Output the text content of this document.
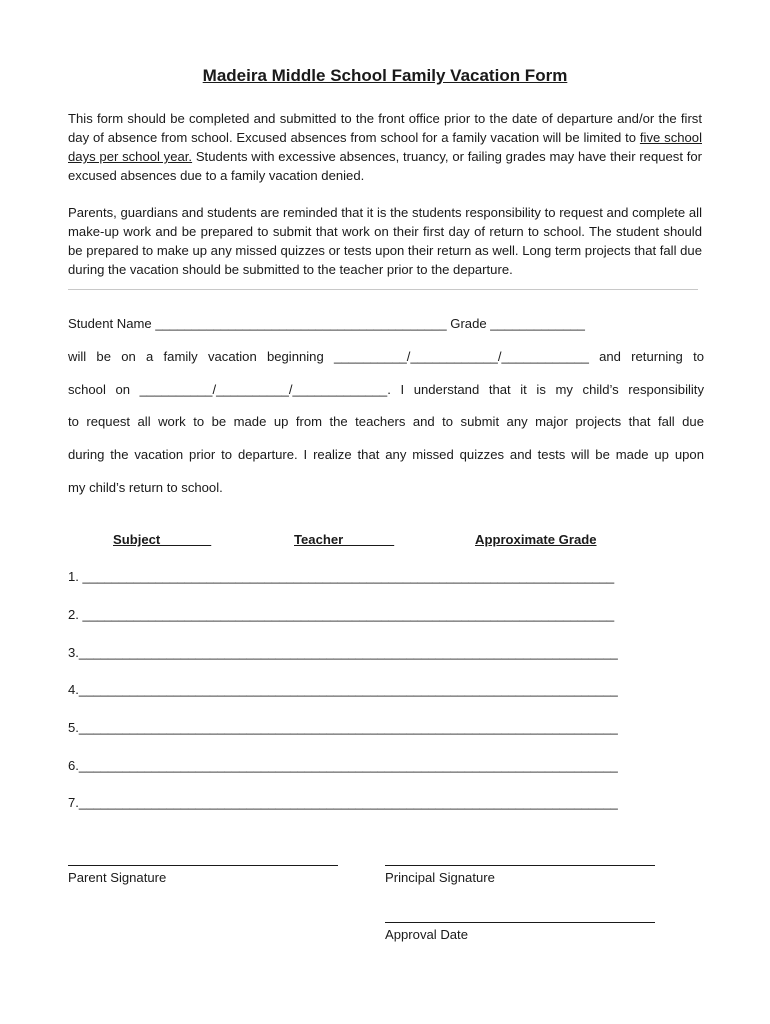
Madeira Middle School Family Vacation Form

This form should be completed and submitted to the front office prior to the date of departure and/or the first day of absence from school. Excused absences from school for a family vacation will be limited to five school days per school year. Students with excessive absences, truancy, or failing grades may have their request for excused absences due to a family vacation denied.

Parents, guardians and students are reminded that it is the students responsibility to request and complete all make-up work and be prepared to submit that work on their first day of return to school. The student should be prepared to make up any missed quizzes or tests upon their return as well. Long term projects that fall due during the vacation should be submitted to the teacher prior to the departure.

Student Name ________________________________________ Grade _____________
will be on a family vacation beginning __________/____________/____________ and returning to
school on __________/__________/_____________. I understand that it is my child’s responsibility
to request all work to be made up from the teachers and to submit any major projects that fall due
during the vacation prior to departure. I realize that any missed quizzes and tests will be made up upon
my child’s return to school.
Subject	Teacher	Approximate Grade
1. _________________________________________________________________________
2. _________________________________________________________________________
3.__________________________________________________________________________
4.__________________________________________________________________________
5.__________________________________________________________________________
6.__________________________________________________________________________
7.__________________________________________________________________________
Parent Signature	Principal Signature
Approval Date
